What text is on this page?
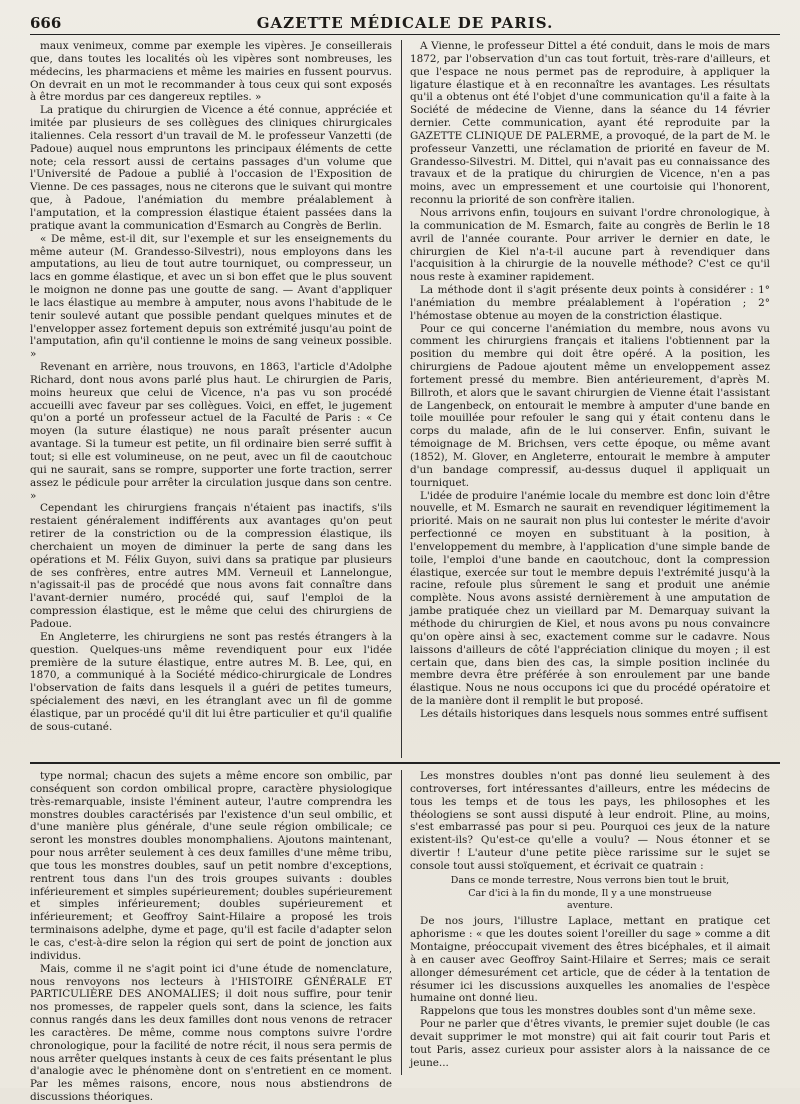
666	GAZETTE MÉDICALE DE PARIS.

maux venimeux, comme par exemple les vipères. Je conseillerais que, dans toutes les localités où les vipères sont nombreuses, les médecins, les pharmaciens et même les mairies en fussent pourvus. On devrait en un mot le recommander à tous ceux qui sont exposés à être mordus par ces dangereux reptiles. »

La pratique du chirurgien de Vicence a été connue, appréciée et imitée par plusieurs de ses collègues des cliniques chirurgicales italiennes. Cela ressort d'un travail de M. le professeur Vanzetti (de Padoue) auquel nous empruntons les principaux éléments de cette note; cela ressort aussi de certains passages d'un volume que l'Université de Padoue a publié à l'occasion de l'Exposition de Vienne. De ces passages, nous ne citerons que le suivant qui montre que, à Padoue, l'anémiation du membre préalablement à l'amputation, et la compression élastique étaient passées dans la pratique avant la communication d'Esmarch au Congrès de Berlin.

« De même, est-il dit, sur l'exemple et sur les enseignements du même auteur (M. Grandesso-Silvestri), nous employons dans les amputations, au lieu de tout autre tourniquet, ou compresseur, un lacs en gomme élastique, et avec un si bon effet que le plus souvent le moignon ne donne pas une goutte de sang. — Avant d'appliquer le lacs élastique au membre à amputer, nous avons l'habitude de le tenir soulevé autant que possible pendant quelques minutes et de l'envelopper assez fortement depuis son extrémité jusqu'au point de l'amputation, afin qu'il contienne le moins de sang veineux possible. »

Revenant en arrière, nous trouvons, en 1863, l'article d'Adolphe Richard, dont nous avons parlé plus haut. Le chirurgien de Paris, moins heureux que celui de Vicence, n'a pas vu son procédé accueilli avec faveur par ses collègues. Voici, en effet, le jugement qu'on a porté un professeur actuel de la Faculté de Paris : « Ce moyen (la suture élastique) ne nous paraît présenter aucun avantage. Si la tumeur est petite, un fil ordinaire bien serré suffit à tout; si elle est volumineuse, on ne peut, avec un fil de caoutchouc qui ne saurait, sans se rompre, supporter une forte traction, serrer assez le pédicule pour arrêter la circulation jusque dans son centre. »

Cependant les chirurgiens français n'étaient pas inactifs, s'ils restaient généralement indifférents aux avantages qu'on peut retirer de la constriction ou de la compression élastique, ils cherchaient un moyen de diminuer la perte de sang dans les opérations et M. Félix Guyon, suivi dans sa pratique par plusieurs de ses confrères, entre autres MM. Verneuil et Lannelongue, n'agissait-il pas de procédé que nous avons fait connaître dans l'avant-dernier numéro, procédé qui, sauf l'emploi de la compression élastique, est le même que celui des chirurgiens de Padoue.

En Angleterre, les chirurgiens ne sont pas restés étrangers à la question. Quelques-uns même revendiquent pour eux l'idée première de la suture élastique, entre autres M. B. Lee, qui, en 1870, a communiqué à la Société médico-chirurgicale de Londres l'observation de faits dans lesquels il a guéri de petites tumeurs, spécialement des nævi, en les étranglant avec un fil de gomme élastique, par un procédé qu'il dit lui être particulier et qu'il qualifie de sous-cutané.

A Vienne, le professeur Dittel a été conduit, dans le mois de mars 1872, par l'observation d'un cas tout fortuit, très-rare d'ailleurs, et que l'espace ne nous permet pas de reproduire, à appliquer la ligature élastique et à en reconnaître les avantages. Les résultats qu'il a obtenus ont été l'objet d'une communication qu'il a faite à la Société de médecine de Vienne, dans la séance du 14 février dernier. Cette communication, ayant été reproduite par la GAZETTE CLINIQUE DE PALERME, a provoqué, de la part de M. le professeur Vanzetti, une réclamation de priorité en faveur de M. Grandesso-Silvestri. M. Dittel, qui n'avait pas eu connaissance des travaux et de la pratique du chirurgien de Vicence, n'en a pas moins, avec un empressement et une courtoisie qui l'honorent, reconnu la priorité de son confrère italien.

Nous arrivons enfin, toujours en suivant l'ordre chronologique, à la communication de M. Esmarch, faite au congrès de Berlin le 18 avril de l'année courante. Pour arriver le dernier en date, le chirurgien de Kiel n'a-t-il aucune part à revendiquer dans l'acquisition à la chirurgie de la nouvelle méthode? C'est ce qu'il nous reste à examiner rapidement.

La méthode dont il s'agit présente deux points à considérer : 1° l'anémiation du membre préalablement à l'opération ; 2° l'hémostase obtenue au moyen de la constriction élastique.

Pour ce qui concerne l'anémiation du membre, nous avons vu comment les chirurgiens français et italiens l'obtiennent par la position du membre qui doit être opéré. A la position, les chirurgiens de Padoue ajoutent même un enveloppement assez fortement pressé du membre. Bien antérieurement, d'après M. Billroth, et alors que le savant chirurgien de Vienne était l'assistant de Langenbeck, on entourait le membre à amputer d'une bande en toile mouillée pour refouler le sang qui y était contenu dans le corps du malade, afin de le lui conserver. Enfin, suivant le témoignage de M. Brichsen, vers cette époque, ou même avant (1852), M. Glover, en Angleterre, entourait le membre à amputer d'un bandage compressif, au-dessus duquel il appliquait un tourniquet.

L'idée de produire l'anémie locale du membre est donc loin d'être nouvelle, et M. Esmarch ne saurait en revendiquer légitimement la priorité. Mais on ne saurait non plus lui contester le mérite d'avoir perfectionné ce moyen en substituant à la position, à l'enveloppement du membre, à l'application d'une simple bande de toile, l'emploi d'une bande en caoutchouc, dont la compression élastique, exercée sur tout le membre depuis l'extrémité jusqu'à la racine, refoule plus sûrement le sang et produit une anémie complète. Nous avons assisté dernièrement à une amputation de jambe pratiquée chez un vieillard par M. Demarquay suivant la méthode du chirurgien de Kiel, et nous avons pu nous convaincre qu'on opère ainsi à sec, exactement comme sur le cadavre. Nous laissons d'ailleurs de côté l'appréciation clinique du moyen ; il est certain que, dans bien des cas, la simple position inclinée du membre devra être préférée à son enroulement par une bande élastique. Nous ne nous occupons ici que du procédé opératoire et de la manière dont il remplit le but proposé.

Les détails historiques dans lesquels nous sommes entré suffisent

type normal; chacun des sujets a même encore son ombilic, par conséquent son cordon ombilical propre, caractère physiologique très-remarquable, insiste l'éminent auteur, l'autre comprendra les monstres doubles caractérisés par l'existence d'un seul ombilic, et d'une manière plus générale, d'une seule région ombilicale; ce seront les monstres doubles monomphaliens. Ajoutons maintenant, pour nous arrêter seulement à ces deux familles d'une même tribu, que tous les monstres doubles, sauf un petit nombre d'exceptions, rentrent tous dans l'un des trois groupes suivants : doubles inférieurement et simples supérieurement; doubles supérieurement et simples inférieurement; doubles supérieurement et inférieurement; et Geoffroy Saint-Hilaire a proposé les trois terminaisons adelphe, dyme et page, qu'il est facile d'adapter selon le cas, c'est-à-dire selon la région qui sert de point de jonction aux individus.

Mais, comme il ne s'agit point ici d'une étude de nomenclature, nous renvoyons nos lecteurs à l'HISTOIRE GÉNÉRALE ET PARTICULIÈRE DES ANOMALIES; il doit nous suffire, pour tenir nos promesses, de rappeler quels sont, dans la science, les faits connus rangés dans les deux familles dont nous venons de retracer les caractères. De même, comme nous comptons suivre l'ordre chronologique, pour la facilité de notre récit, il nous sera permis de nous arrêter quelques instants à ceux de ces faits présentant le plus d'analogie avec le phénomène dont on s'entretient en ce moment. Par les mêmes raisons, encore, nous nous abstiendrons de discussions théoriques.

Les monstres doubles n'ont pas donné lieu seulement à des controverses, fort intéressantes d'ailleurs, entre les médecins de tous les temps et de tous les pays, les philosophes et les théologiens se sont aussi disputé à leur endroit. Pline, au moins, s'est embarrassé pas pour si peu. Pourquoi ces jeux de la nature existent-ils? Qu'est-ce qu'elle a voulu? — Nous étonner et se divertir ! L'auteur d'une petite pièce rarissime sur le sujet se console tout aussi stoïquement, et écrivait ce quatrain :

Dans ce monde terrestre, Nous verrons bien tout le bruit, Car d'ici à la fin du monde, Il y a une monstrueuse aventure.

De nos jours, l'illustre Laplace, mettant en pratique cet aphorisme : « que les doutes soient l'oreiller du sage » comme a dit Montaigne, préoccupait vivement des êtres bicéphales, et il aimait à en causer avec Geoffroy Saint-Hilaire et Serres; mais ce serait allonger démesurément cet article, que de céder à la tentation de résumer ici les discussions auxquelles les anomalies de l'espèce humaine ont donné lieu.

Rappelons que tous les monstres doubles sont d'un même sexe.

Pour ne parler que d'êtres vivants, le premier sujet double (le cas devait supprimer le mot monstre) qui ait fait courir tout Paris et tout Paris, assez curieux pour assister alors à la naissance de ce jeune...
